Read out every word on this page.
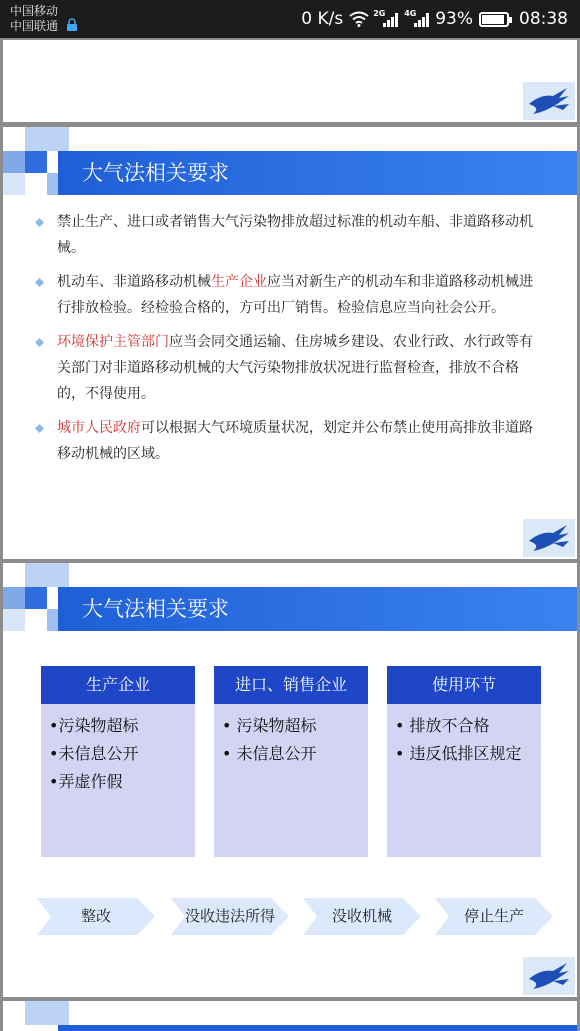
中国移动
中国联通	0 K/s	2G 4G 93%	08:38
大气法相关要求
禁止生产、进口或者销售大气污染物排放超过标准的机动车船、非道路移动机械。
机动车、非道路移动机械生产企业应当对新生产的机动车和非道路移动机械进行排放检验。经检验合格的，方可出厂销售。检验信息应当向社会公开。
环境保护主管部门应当会同交通运输、住房城乡建设、农业行政、水行政等有关部门对非道路移动机械的大气污染物排放状况进行监督检查，排放不合格的，不得使用。
城市人民政府可以根据大气环境质量状况，划定并公布禁止使用高排放非道路移动机械的区域。
大气法相关要求
生产企业
•污染物超标
•未信息公开
•弄虚作假
进口、销售企业
• 污染物超标
• 未信息公开
使用环节
• 排放不合格
• 违反低排区规定
整改	没收违法所得	没收机械	停止生产
